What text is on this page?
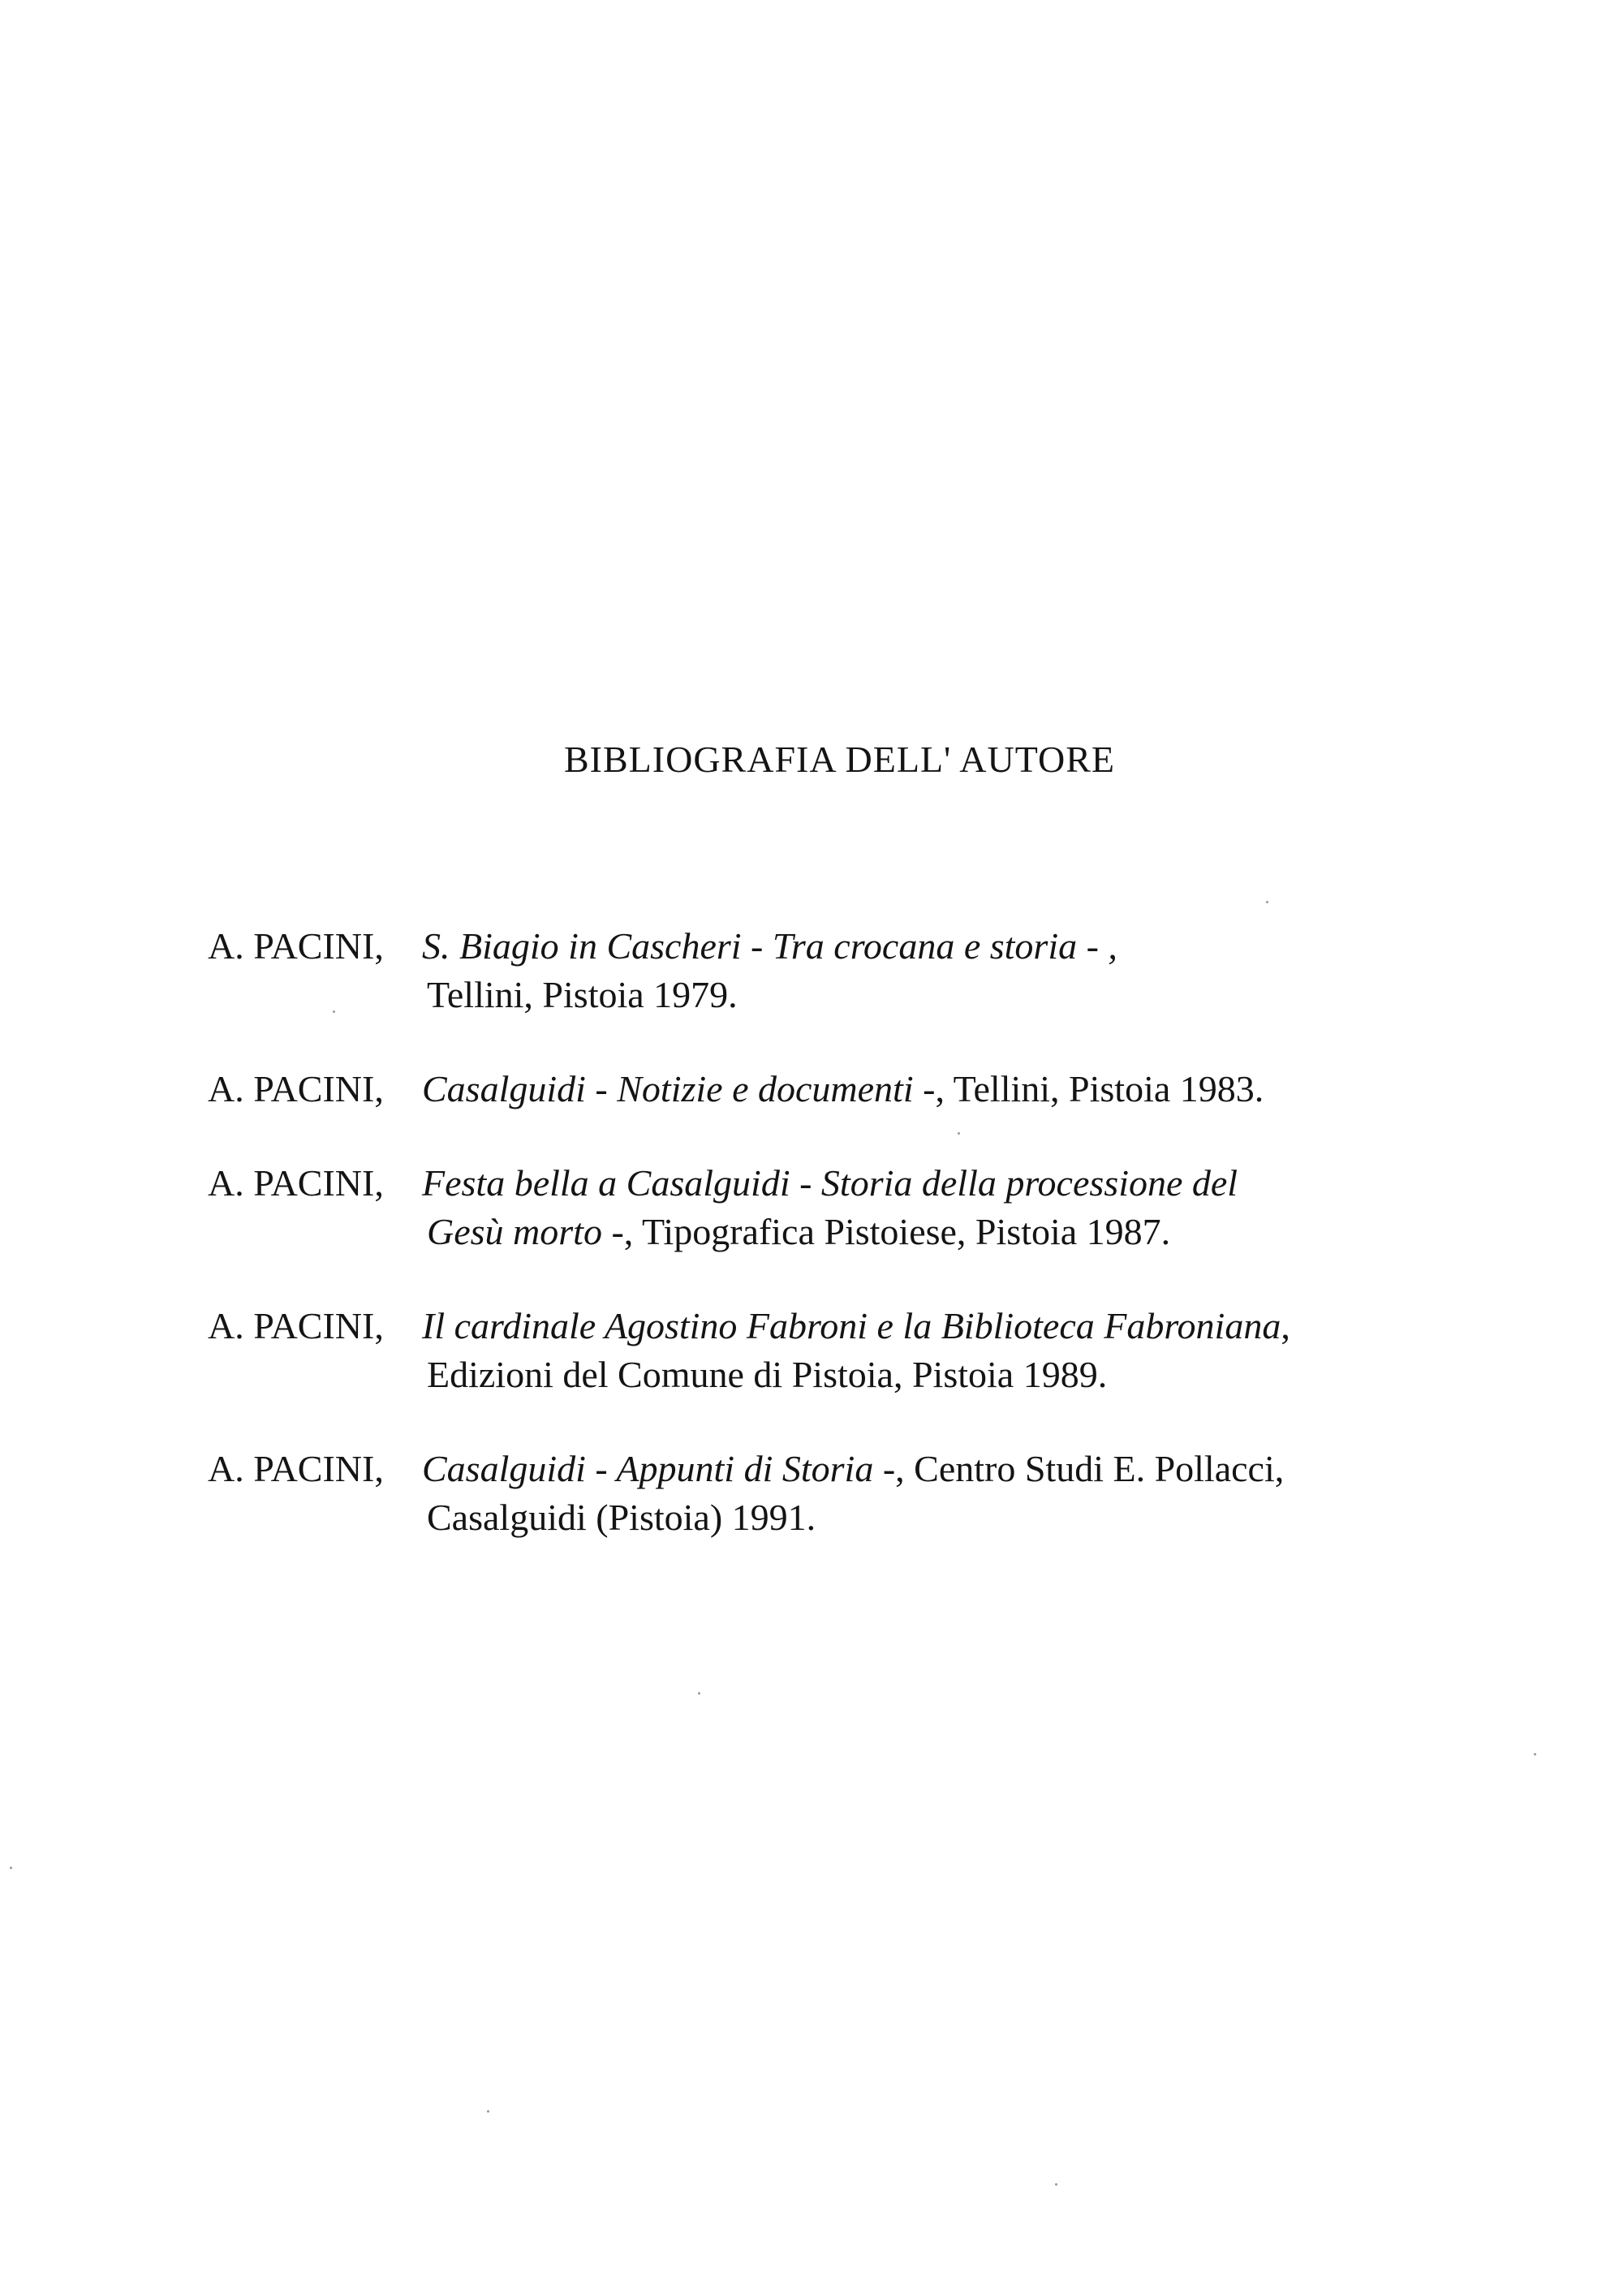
BIBLIOGRAFIA DELL' AUTORE
A. PACINI, S. Biagio in Cascheri - Tra crocana e storia - ,
Tellini, Pistoia 1979.
A. PACINI, Casalguidi - Notizie e documenti -, Tellini, Pistoia 1983.
A. PACINI, Festa bella a Casalguidi - Storia della processione del
Gesù morto -, Tipografica Pistoiese, Pistoia 1987.
A. PACINI, Il cardinale Agostino Fabroni e la Biblioteca Fabroniana,
Edizioni del Comune di Pistoia, Pistoia 1989.
A. PACINI, Casalguidi - Appunti di Storia -, Centro Studi E. Pollacci,
Casalguidi (Pistoia) 1991.
